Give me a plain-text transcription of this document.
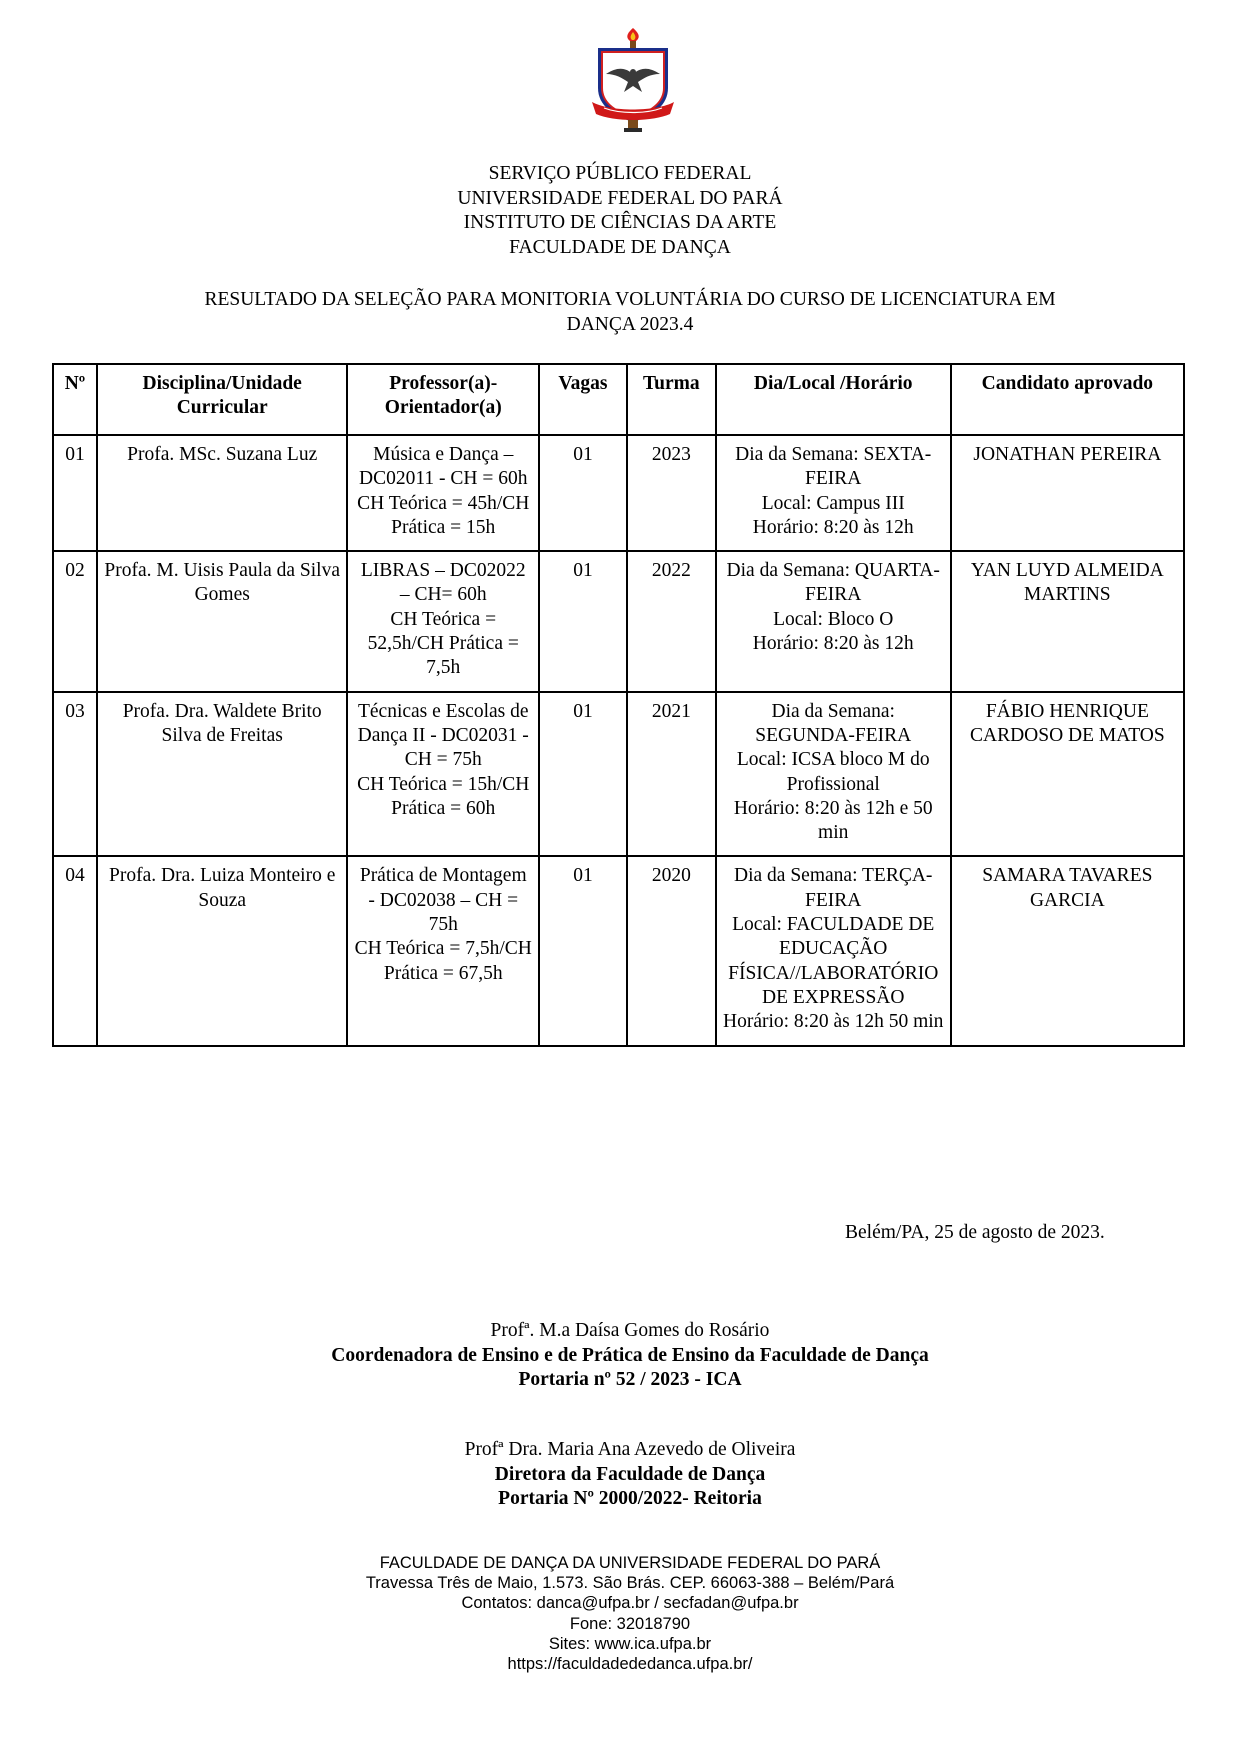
SERVIÇO PÚBLICO FEDERAL
UNIVERSIDADE FEDERAL DO PARÁ
INSTITUTO DE CIÊNCIAS DA ARTE
FACULDADE DE DANÇA
RESULTADO DA SELEÇÃO PARA MONITORIA VOLUNTÁRIA DO CURSO DE LICENCIATURA EM
DANÇA 2023.4
Nº	Disciplina/Unidade Curricular	Professor(a)-Orientador(a)	Vagas	Turma	Dia/Local /Horário	Candidato aprovado
01	Profa. MSc. Suzana Luz	Música e Dança – DC02011 - CH = 60h
CH Teórica = 45h/CH Prática = 15h	01	2023	Dia da Semana: SEXTA-FEIRA
Local: Campus III
Horário: 8:20 às 12h	JONATHAN PEREIRA
02	Profa. M. Uisis Paula da Silva Gomes	LIBRAS – DC02022 – CH= 60h
CH Teórica = 52,5h/CH Prática = 7,5h	01	2022	Dia da Semana: QUARTA-FEIRA
Local: Bloco O
Horário: 8:20 às 12h	YAN LUYD ALMEIDA MARTINS
03	Profa. Dra. Waldete Brito Silva de Freitas	Técnicas e Escolas de Dança II - DC02031 - CH = 75h
CH Teórica = 15h/CH Prática = 60h	01	2021	Dia da Semana: SEGUNDA-FEIRA
Local: ICSA bloco M do Profissional
Horário: 8:20 às 12h e 50 min	FÁBIO HENRIQUE CARDOSO DE MATOS
04	Profa. Dra. Luiza Monteiro e Souza	Prática de Montagem - DC02038 – CH = 75h
CH Teórica = 7,5h/CH Prática = 67,5h	01	2020	Dia da Semana: TERÇA-FEIRA
Local: FACULDADE DE EDUCAÇÃO FÍSICA//LABORATÓRIO DE EXPRESSÃO
Horário: 8:20 às 12h 50 min	SAMARA TAVARES GARCIA
Belém/PA, 25 de agosto de 2023.
Profª. M.a Daísa Gomes do Rosário
Coordenadora de Ensino e de Prática de Ensino da Faculdade de Dança
Portaria nº 52 / 2023 - ICA
Profª Dra. Maria Ana Azevedo de Oliveira
Diretora da Faculdade de Dança
Portaria Nº 2000/2022- Reitoria
FACULDADE DE DANÇA DA UNIVERSIDADE FEDERAL DO PARÁ
Travessa Três de Maio, 1.573. São Brás. CEP. 66063-388 – Belém/Pará
Contatos: danca@ufpa.br / secfadan@ufpa.br
Fone: 32018790
Sites: www.ica.ufpa.br
https://faculdadededanca.ufpa.br/
